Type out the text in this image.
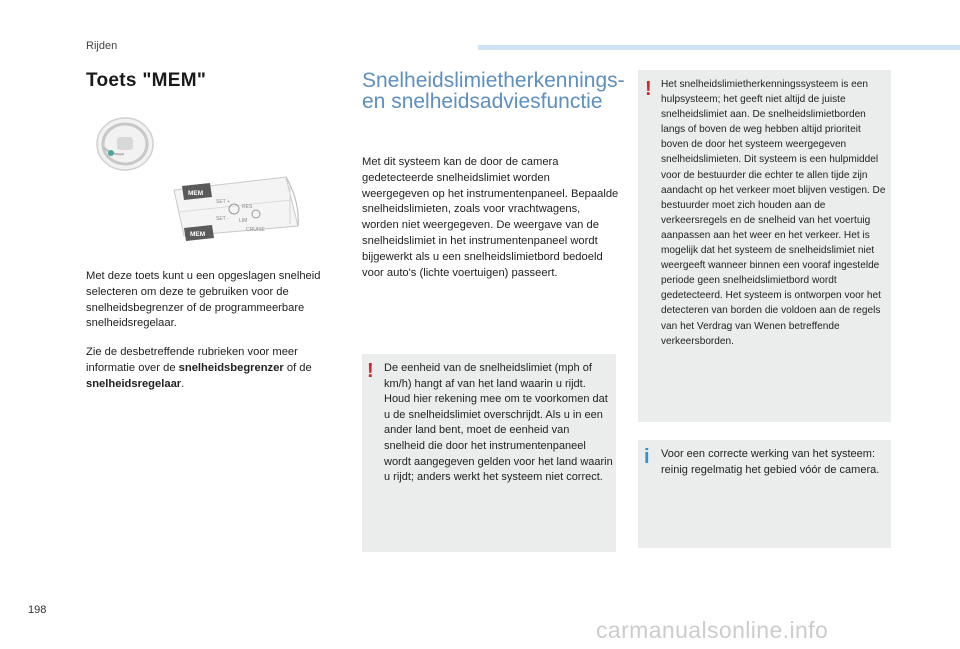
Rijden
Toets "MEM"
MEM
MEM
SET +
SET -
RES
LIM
CRUISE
Met deze toets kunt u een opgeslagen snelheid selecteren om deze te gebruiken voor de snelheidsbegrenzer of de programmeerbare snelheidsregelaar.
Zie de desbetreffende rubrieken voor meer informatie over de snelheidsbegrenzer of de snelheidsregelaar.
Snelheidslimietherkennings-
en snelheidsadviesfunctie
Met dit systeem kan de door de camera gedetecteerde snelheidslimiet worden weergegeven op het instrumentenpaneel. Bepaalde snelheidslimieten, zoals voor vrachtwagens, worden niet weergegeven. De weergave van de snelheidslimiet in het instrumentenpaneel wordt bijgewerkt als u een snelheidslimietbord bedoeld voor auto's (lichte voertuigen) passeert.
! De eenheid van de snelheidslimiet (mph of km/h) hangt af van het land waarin u rijdt. Houd hier rekening mee om te voorkomen dat u de snelheidslimiet overschrijdt. Als u in een ander land bent, moet de eenheid van snelheid die door het instrumentenpaneel wordt aangegeven gelden voor het land waarin u rijdt; anders werkt het systeem niet correct.
! Het snelheidslimietherkenningssysteem is een hulpsysteem; het geeft niet altijd de juiste snelheidslimiet aan. De snelheidslimietborden langs of boven de weg hebben altijd prioriteit boven de door het systeem weergegeven snelheidslimieten. Dit systeem is een hulpmiddel voor de bestuurder die echter te allen tijde zijn aandacht op het verkeer moet blijven vestigen. De bestuurder moet zich houden aan de verkeersregels en de snelheid van het voertuig aanpassen aan het weer en het verkeer. Het is mogelijk dat het systeem de snelheidslimiet niet weergeeft wanneer binnen een vooraf ingestelde periode geen snelheidslimietbord wordt gedetecteerd. Het systeem is ontworpen voor het detecteren van borden die voldoen aan de regels van het Verdrag van Wenen betreffende verkeersborden.
i Voor een correcte werking van het systeem: reinig regelmatig het gebied vóór de camera.
198
carmanualsonline.info
